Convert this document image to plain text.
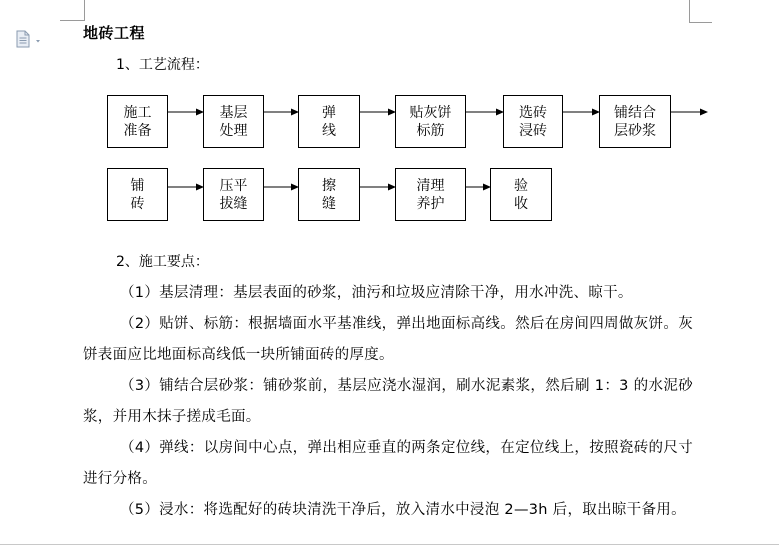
地砖工程
1、工艺流程：
施工
准备
基层
处理
弹
线
贴灰饼
标筋
选砖
浸砖
铺结合
层砂浆
铺
砖
压平
拔缝
擦
缝
清理
养护
验
收
2、施工要点：

（1）基层清理：基层表面的砂浆，油污和垃圾应清除干净，用水冲洗、晾干。

（2）贴饼、标筋：根据墙面水平基准线，弹出地面标高线。然后在房间四周做灰饼。灰饼表面应比地面标高线低一块所铺面砖的厚度。

（3）铺结合层砂浆：铺砂浆前，基层应浇水湿润，刷水泥素浆，然后刷 1：3 的水泥砂浆，并用木抹子搓成毛面。

（4）弹线：以房间中心点，弹出相应垂直的两条定位线，在定位线上，按照瓷砖的尺寸进行分格。

（5）浸水：将选配好的砖块清洗干净后，放入清水中浸泡 2—3h 后，取出晾干备用。
